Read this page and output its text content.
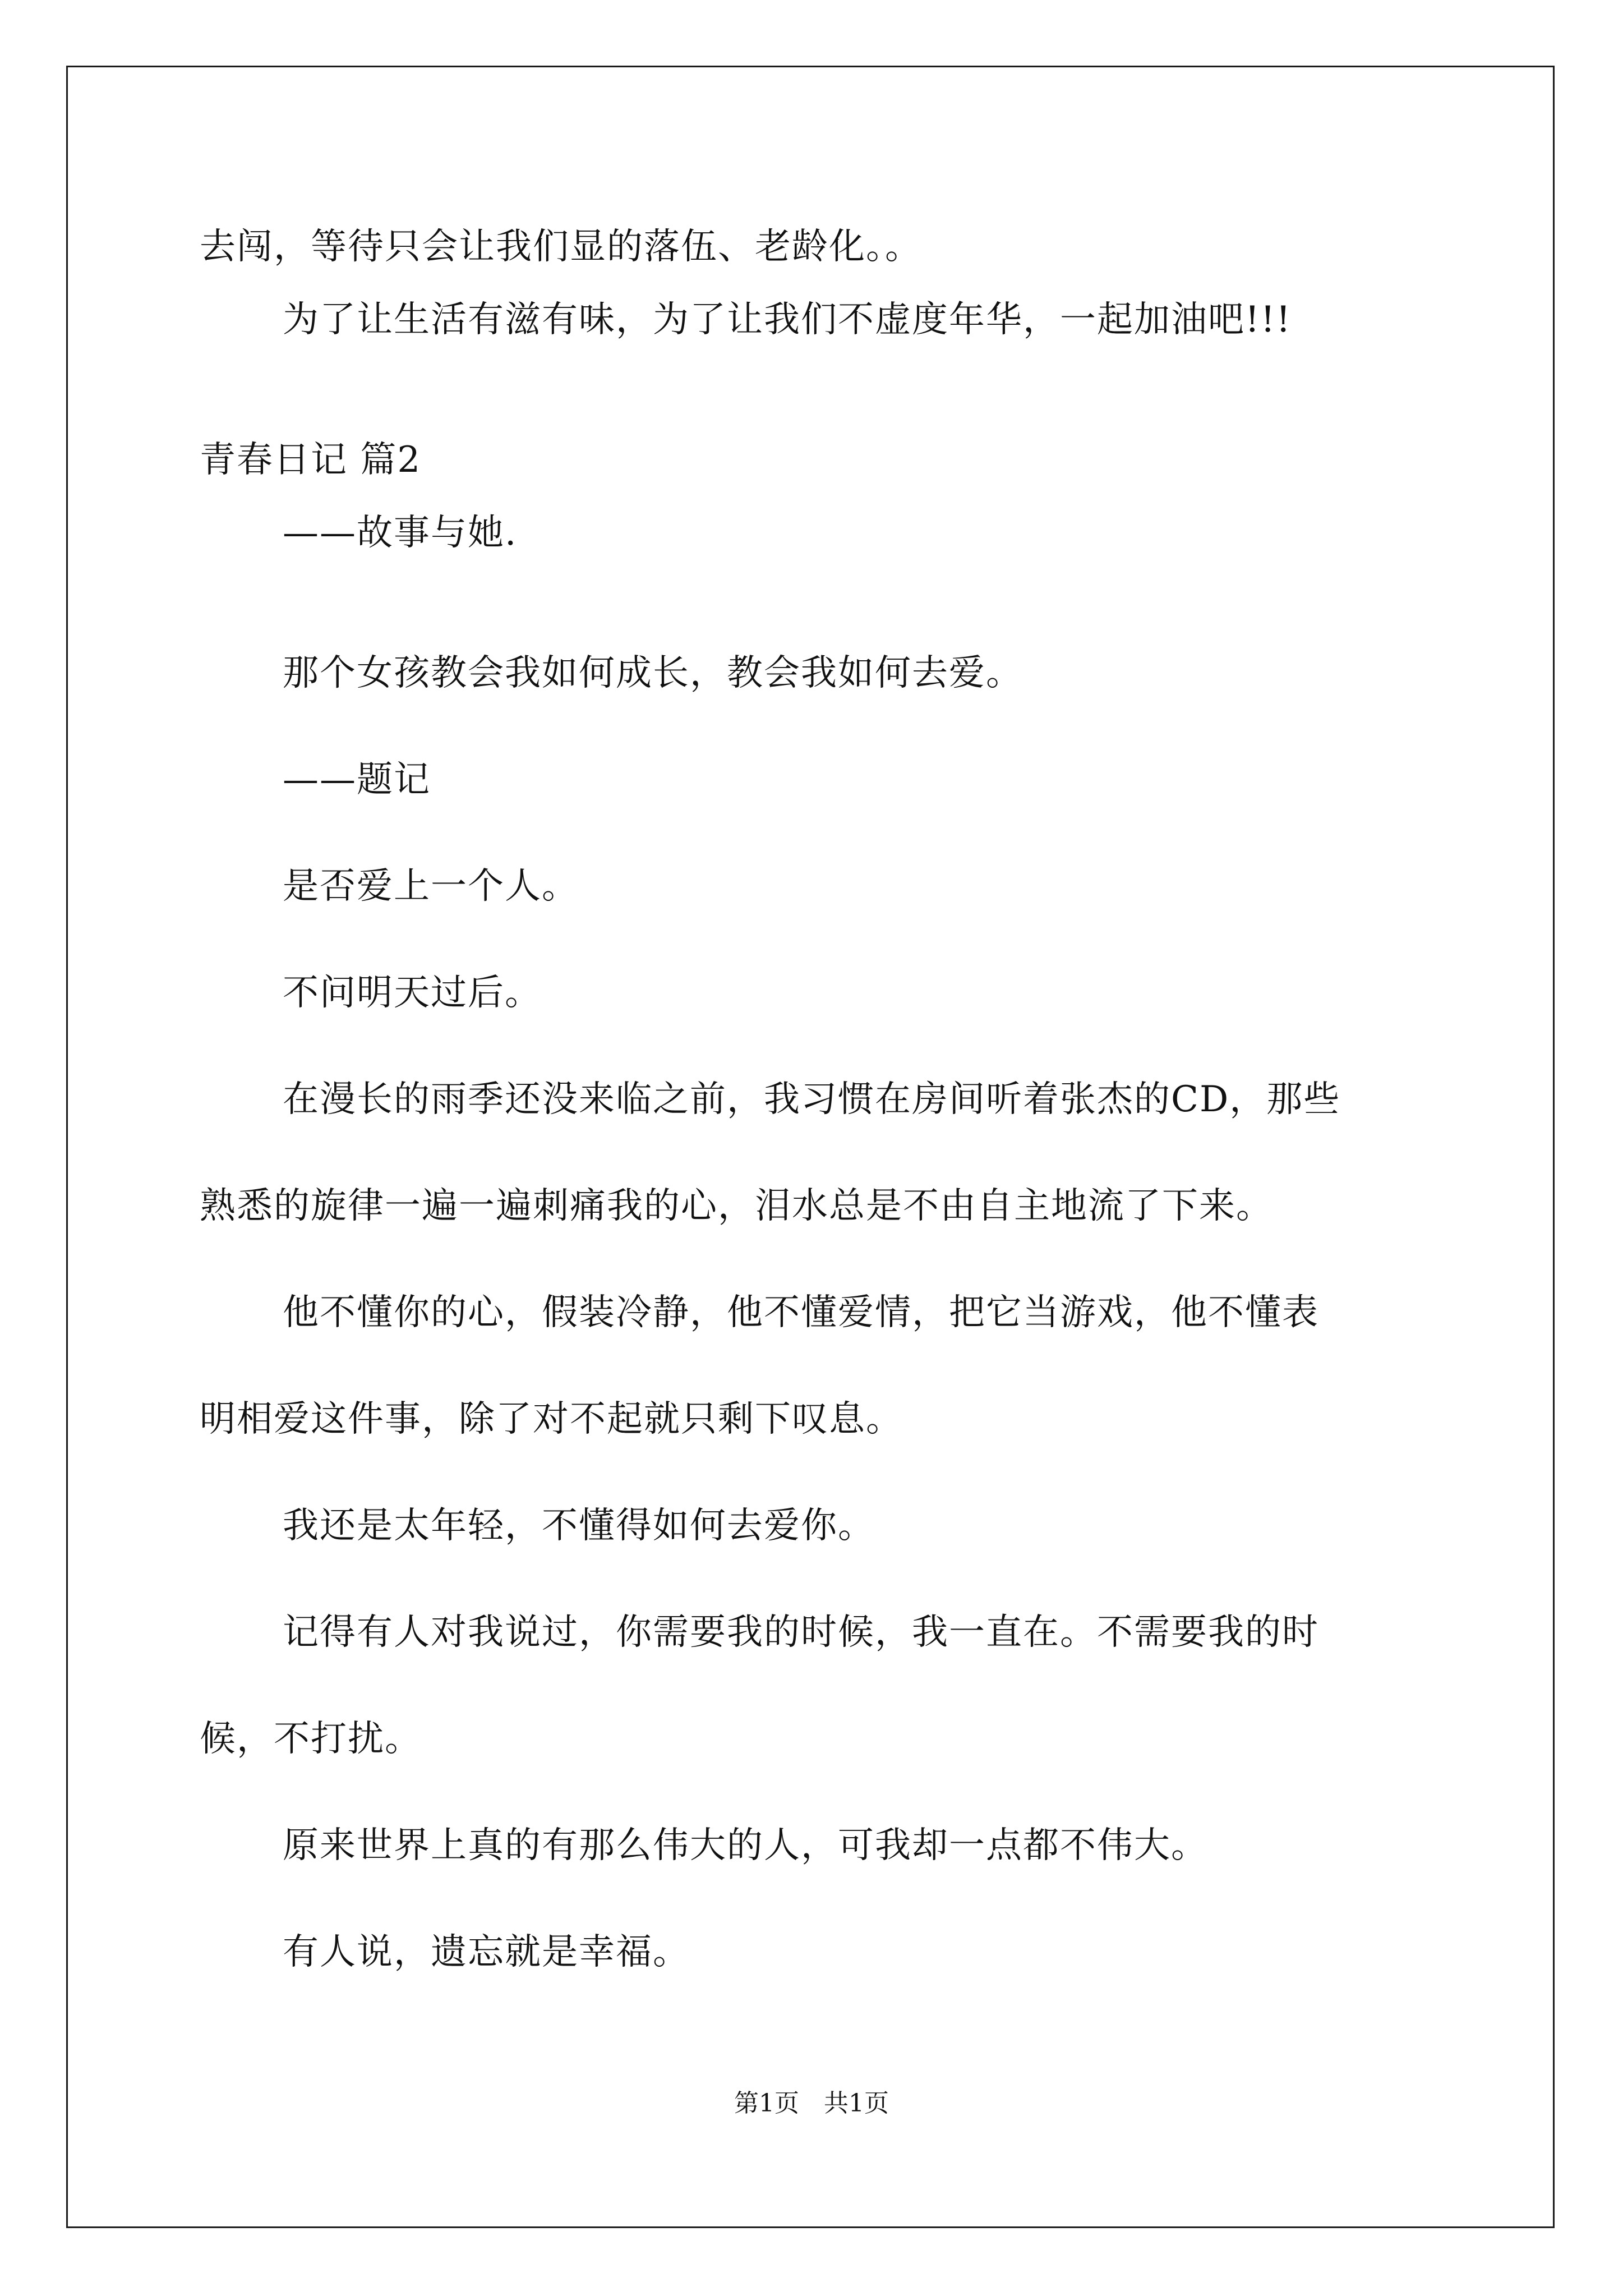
去闯，等待只会让我们显的落伍、老龄化。。
为了让生活有滋有味，为了让我们不虚度年华，一起加油吧!!!
青春日记 篇2
——故事与她.
那个女孩教会我如何成长，教会我如何去爱。
——题记
是否爱上一个人。
不问明天过后。
在漫长的雨季还没来临之前，我习惯在房间听着张杰的CD，那些
熟悉的旋律一遍一遍刺痛我的心，泪水总是不由自主地流了下来。
他不懂你的心，假装冷静，他不懂爱情，把它当游戏，他不懂表
明相爱这件事，除了对不起就只剩下叹息。
我还是太年轻，不懂得如何去爱你。
记得有人对我说过，你需要我的时候，我一直在。不需要我的时
候，不打扰。
原来世界上真的有那么伟大的人，可我却一点都不伟大。
有人说，遗忘就是幸福。
第1页　共1页
